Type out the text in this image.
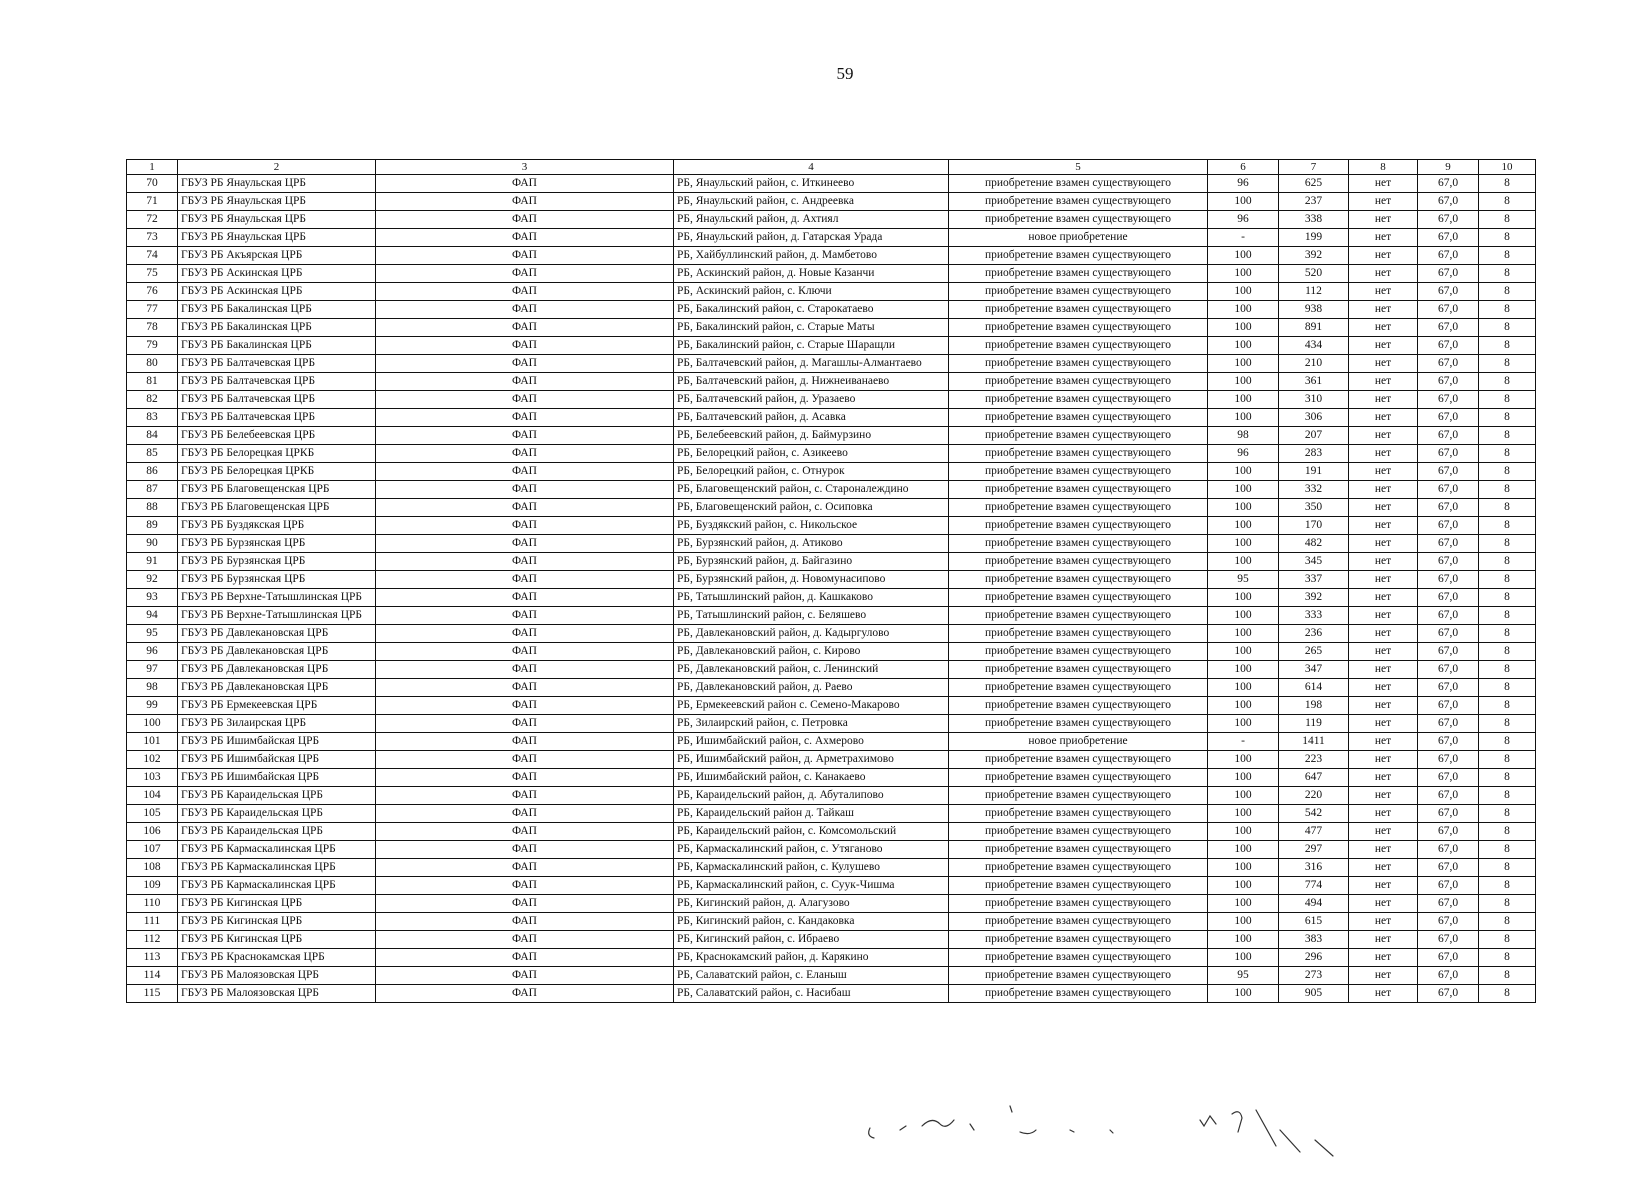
59
1	2	3	4	5	6	7	8	9	10
70	ГБУЗ РБ Янаульская ЦРБ	ФАП	РБ, Янаульский район, с. Иткинеево	приобретение взамен существующего	96	625	нет	67,0	8
71	ГБУЗ РБ Янаульская ЦРБ	ФАП	РБ, Янаульский район, с. Андреевка	приобретение взамен существующего	100	237	нет	67,0	8
72	ГБУЗ РБ Янаульская ЦРБ	ФАП	РБ, Янаульский район, д. Ахтиял	приобретение взамен существующего	96	338	нет	67,0	8
73	ГБУЗ РБ Янаульская ЦРБ	ФАП	РБ, Янаульский район, д. Гатарская Урада	новое приобретение	-	199	нет	67,0	8
74	ГБУЗ РБ Акъярская ЦРБ	ФАП	РБ, Хайбуллинский район, д. Мамбетово	приобретение взамен существующего	100	392	нет	67,0	8
75	ГБУЗ РБ Аскинская ЦРБ	ФАП	РБ, Аскинский район, д. Новые Казанчи	приобретение взамен существующего	100	520	нет	67,0	8
76	ГБУЗ РБ Аскинская ЦРБ	ФАП	РБ, Аскинский район, с. Ключи	приобретение взамен существующего	100	112	нет	67,0	8
77	ГБУЗ РБ Бакалинская ЦРБ	ФАП	РБ, Бакалинский район, с. Старокатаево	приобретение взамен существующего	100	938	нет	67,0	8
78	ГБУЗ РБ Бакалинская ЦРБ	ФАП	РБ, Бакалинский район, с. Старые Маты	приобретение взамен существующего	100	891	нет	67,0	8
79	ГБУЗ РБ Бакалинская ЦРБ	ФАП	РБ, Бакалинский район, с. Старые Шаращли	приобретение взамен существующего	100	434	нет	67,0	8
80	ГБУЗ РБ Балтачевская ЦРБ	ФАП	РБ, Балтачевский район, д. Магашлы-Алмантаево	приобретение взамен существующего	100	210	нет	67,0	8
81	ГБУЗ РБ Балтачевская ЦРБ	ФАП	РБ, Балтачевский район, д. Нижнеиванаево	приобретение взамен существующего	100	361	нет	67,0	8
82	ГБУЗ РБ Балтачевская ЦРБ	ФАП	РБ, Балтачевский район, д. Уразаево	приобретение взамен существующего	100	310	нет	67,0	8
83	ГБУЗ РБ Балтачевская ЦРБ	ФАП	РБ, Балтачевский район, д. Асавка	приобретение взамен существующего	100	306	нет	67,0	8
84	ГБУЗ РБ Белебеевская ЦРБ	ФАП	РБ, Белебеевский район, д. Баймурзино	приобретение взамен существующего	98	207	нет	67,0	8
85	ГБУЗ РБ Белорецкая ЦРКБ	ФАП	РБ, Белорецкий район, с. Азикеево	приобретение взамен существующего	96	283	нет	67,0	8
86	ГБУЗ РБ Белорецкая ЦРКБ	ФАП	РБ, Белорецкий район, с. Отнурок	приобретение взамен существующего	100	191	нет	67,0	8
87	ГБУЗ РБ Благовещенская ЦРБ	ФАП	РБ, Благовещенский район, с. Староналеждино	приобретение взамен существующего	100	332	нет	67,0	8
88	ГБУЗ РБ Благовещенская ЦРБ	ФАП	РБ, Благовещенский район, с. Осиповка	приобретение взамен существующего	100	350	нет	67,0	8
89	ГБУЗ РБ Буздякская ЦРБ	ФАП	РБ, Буздякский район, с. Никольское	приобретение взамен существующего	100	170	нет	67,0	8
90	ГБУЗ РБ Бурзянская ЦРБ	ФАП	РБ, Бурзянский район, д. Атиково	приобретение взамен существующего	100	482	нет	67,0	8
91	ГБУЗ РБ Бурзянская ЦРБ	ФАП	РБ, Бурзянский район, д. Байгазино	приобретение взамен существующего	100	345	нет	67,0	8
92	ГБУЗ РБ Бурзянская ЦРБ	ФАП	РБ, Бурзянский район, д. Новомунасипово	приобретение взамен существующего	95	337	нет	67,0	8
93	ГБУЗ РБ Верхне-Татышлинская ЦРБ	ФАП	РБ, Татышлинский район, д. Кашкаково	приобретение взамен существующего	100	392	нет	67,0	8
94	ГБУЗ РБ Верхне-Татышлинская ЦРБ	ФАП	РБ, Татышлинский район, с. Беляшево	приобретение взамен существующего	100	333	нет	67,0	8
95	ГБУЗ РБ Давлекановская ЦРБ	ФАП	РБ, Давлекановский район, д. Кадыргулово	приобретение взамен существующего	100	236	нет	67,0	8
96	ГБУЗ РБ Давлекановская ЦРБ	ФАП	РБ, Давлекановский район, с. Кирово	приобретение взамен существующего	100	265	нет	67,0	8
97	ГБУЗ РБ Давлекановская ЦРБ	ФАП	РБ, Давлекановский район, с. Ленинский	приобретение взамен существующего	100	347	нет	67,0	8
98	ГБУЗ РБ Давлекановская ЦРБ	ФАП	РБ, Давлекановский район, д. Раево	приобретение взамен существующего	100	614	нет	67,0	8
99	ГБУЗ РБ Ермекеевская ЦРБ	ФАП	РБ, Ермекеевский район с. Семено-Макарово	приобретение взамен существующего	100	198	нет	67,0	8
100	ГБУЗ РБ Зилаирская ЦРБ	ФАП	РБ, Зилаирский район, с. Петровка	приобретение взамен существующего	100	119	нет	67,0	8
101	ГБУЗ РБ Ишимбайская ЦРБ	ФАП	РБ, Ишимбайский район, с. Ахмерово	новое приобретение	-	1411	нет	67,0	8
102	ГБУЗ РБ Ишимбайская ЦРБ	ФАП	РБ, Ишимбайский район, д. Арметрахимово	приобретение взамен существующего	100	223	нет	67,0	8
103	ГБУЗ РБ Ишимбайская ЦРБ	ФАП	РБ, Ишимбайский район, с. Канакаево	приобретение взамен существующего	100	647	нет	67,0	8
104	ГБУЗ РБ Караидельская ЦРБ	ФАП	РБ, Караидельский район, д. Абуталипово	приобретение взамен существующего	100	220	нет	67,0	8
105	ГБУЗ РБ Караидельская ЦРБ	ФАП	РБ, Караидельский район д. Тайкаш	приобретение взамен существующего	100	542	нет	67,0	8
106	ГБУЗ РБ Караидельская ЦРБ	ФАП	РБ, Караидельский район, с. Комсомольский	приобретение взамен существующего	100	477	нет	67,0	8
107	ГБУЗ РБ Кармаскалинская ЦРБ	ФАП	РБ, Кармаскалинский район, с. Утяганово	приобретение взамен существующего	100	297	нет	67,0	8
108	ГБУЗ РБ Кармаскалинская ЦРБ	ФАП	РБ, Кармаскалинский район, с. Кулушево	приобретение взамен существующего	100	316	нет	67,0	8
109	ГБУЗ РБ Кармаскалинская ЦРБ	ФАП	РБ, Кармаскалинский район, с. Суук-Чишма	приобретение взамен существующего	100	774	нет	67,0	8
110	ГБУЗ РБ Кигинская ЦРБ	ФАП	РБ, Кигинский район, д. Алагузово	приобретение взамен существующего	100	494	нет	67,0	8
111	ГБУЗ РБ Кигинская ЦРБ	ФАП	РБ, Кигинский район, с. Кандаковка	приобретение взамен существующего	100	615	нет	67,0	8
112	ГБУЗ РБ Кигинская ЦРБ	ФАП	РБ, Кигинский район, с. Ибраево	приобретение взамен существующего	100	383	нет	67,0	8
113	ГБУЗ РБ Краснокамская ЦРБ	ФАП	РБ, Краснокамский район, д. Карякино	приобретение взамен существующего	100	296	нет	67,0	8
114	ГБУЗ РБ Малоязовская ЦРБ	ФАП	РБ, Салаватский район, с. Еланыш	приобретение взамен существующего	95	273	нет	67,0	8
115	ГБУЗ РБ Малоязовская ЦРБ	ФАП	РБ, Салаватский район, с. Насибаш	приобретение взамен существующего	100	905	нет	67,0	8
